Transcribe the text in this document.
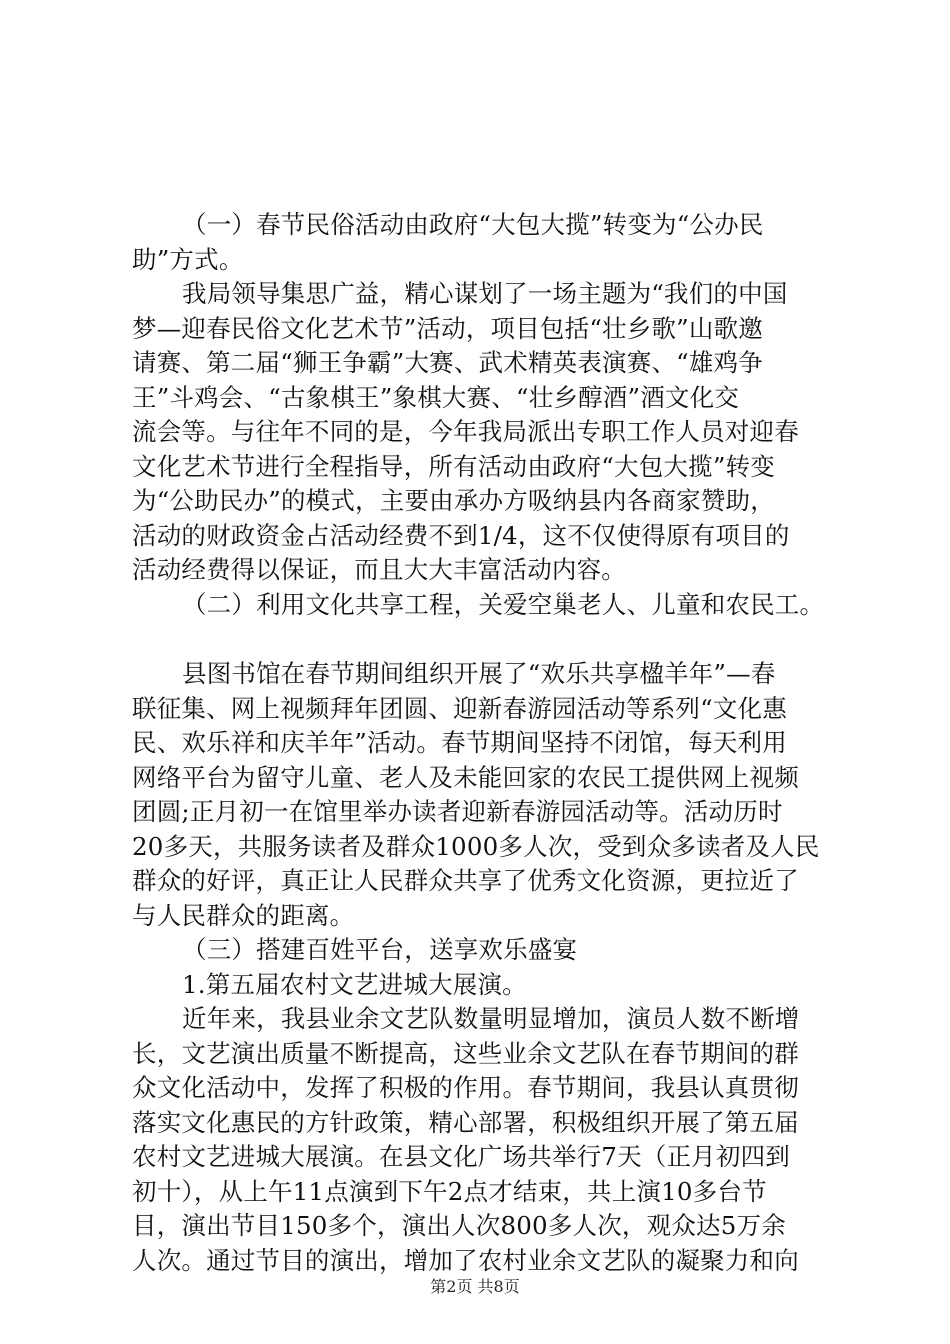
（一）春节民俗活动由政府“大包大揽”转变为“公办民
助”方式。
我局领导集思广益，精心谋划了一场主题为“我们的中国
梦—迎春民俗文化艺术节”活动，项目包括“壮乡歌”山歌邀
请赛、第二届“狮王争霸”大赛、武术精英表演赛、“雄鸡争
王”斗鸡会、“古象棋王”象棋大赛、“壮乡醇酒”酒文化交
流会等。与往年不同的是，今年我局派出专职工作人员对迎春
文化艺术节进行全程指导，所有活动由政府“大包大揽”转变
为“公助民办”的模式，主要由承办方吸纳县内各商家赞助，
活动的财政资金占活动经费不到1/4，这不仅使得原有项目的
活动经费得以保证，而且大大丰富活动内容。
（二）利用文化共享工程，关爱空巢老人、儿童和农民工。
县图书馆在春节期间组织开展了“欢乐共享楹羊年”—春
联征集、网上视频拜年团圆、迎新春游园活动等系列“文化惠
民、欢乐祥和庆羊年”活动。春节期间坚持不闭馆，每天利用
网络平台为留守儿童、老人及未能回家的农民工提供网上视频
团圆;正月初一在馆里举办读者迎新春游园活动等。活动历时
20多天，共服务读者及群众1000多人次，受到众多读者及人民
群众的好评，真正让人民群众共享了优秀文化资源，更拉近了
与人民群众的距离。
（三）搭建百姓平台，送享欢乐盛宴
1.第五届农村文艺进城大展演。
近年来，我县业余文艺队数量明显增加，演员人数不断增
长，文艺演出质量不断提高，这些业余文艺队在春节期间的群
众文化活动中，发挥了积极的作用。春节期间，我县认真贯彻
落实文化惠民的方针政策，精心部署，积极组织开展了第五届
农村文艺进城大展演。在县文化广场共举行7天（正月初四到
初十），从上午11点演到下午2点才结束，共上演10多台节
目，演出节目150多个，演出人次800多人次，观众达5万余
人次。通过节目的演出，增加了农村业余文艺队的凝聚力和向
第2页 共8页
